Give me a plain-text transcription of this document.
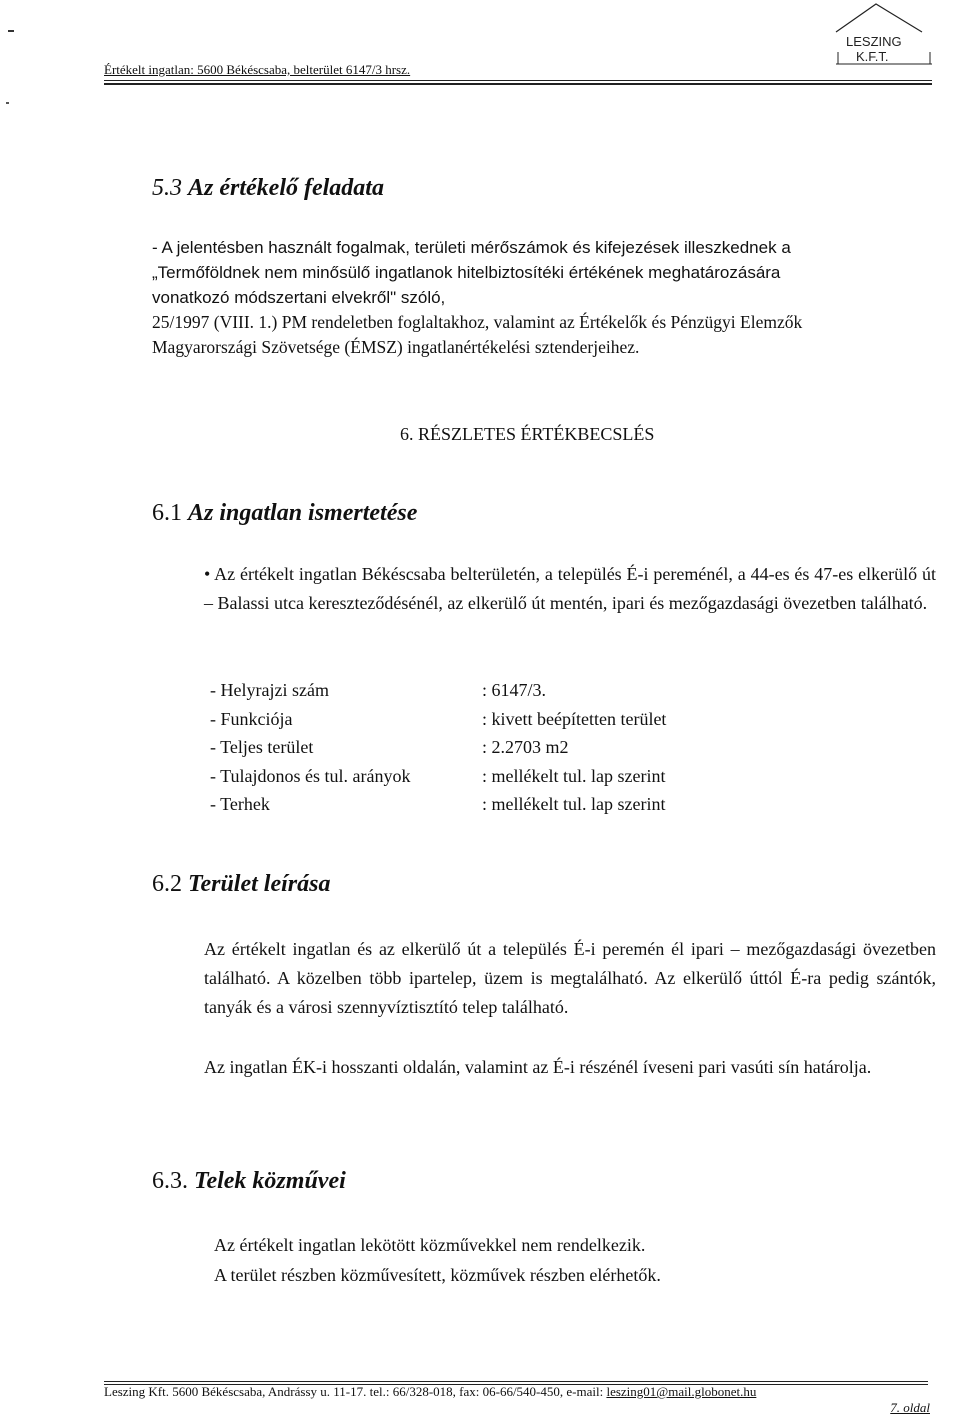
Értékelt ingatlan: 5600 Békéscsaba, belterület 6147/3 hrsz.
LESZING
K.F.T.
5.3 Az értékelő feladata
- A jelentésben használt fogalmak, területi mérőszámok és kifejezések illeszkednek a
„Termőföldnek nem minősülő ingatlanok hitelbiztosítéki értékének meghatározására
vonatkozó módszertani elvekről" szóló,
25/1997 (VIII. 1.) PM rendeletben foglaltakhoz, valamint az Értékelők és Pénzügyi Elemzők
Magyarországi Szövetsége (ÉMSZ) ingatlanértékelési sztenderjeihez.
6. RÉSZLETES ÉRTÉKBECSLÉS
6.1 Az ingatlan ismertetése
• Az értékelt ingatlan Békéscsaba belterületén, a település É-i pereménél, a 44-es és 47-es elkerülő út – Balassi utca kereszteződésénél, az elkerülő út mentén, ipari és mezőgazdasági övezetben található.
- Helyrajzi szám	: 6147/3.
- Funkciója	: kivett beépítetten terület
- Teljes terület	: 2.2703 m2
- Tulajdonos és tul. arányok	: mellékelt tul. lap szerint
- Terhek	: mellékelt tul. lap szerint
6.2 Terület leírása
Az értékelt ingatlan és az elkerülő út a település É-i peremén él ipari – mezőgazdasági övezetben található. A közelben több ipartelep, üzem is megtalálható. Az elkerülő úttól É-ra pedig szántók, tanyák és a városi szennyvíztisztító telep található.
Az ingatlan ÉK-i hosszanti oldalán, valamint az É-i részénél íveseni pari vasúti sín határolja.
6.3. Telek közművei
Az értékelt ingatlan lekötött közművekkel nem rendelkezik.
A terület részben közművesített, közművek részben elérhetők.
Leszing Kft. 5600 Békéscsaba, Andrássy u. 11-17. tel.: 66/328-018, fax: 06-66/540-450, e-mail: leszing01@mail.globonet.hu
7. oldal
